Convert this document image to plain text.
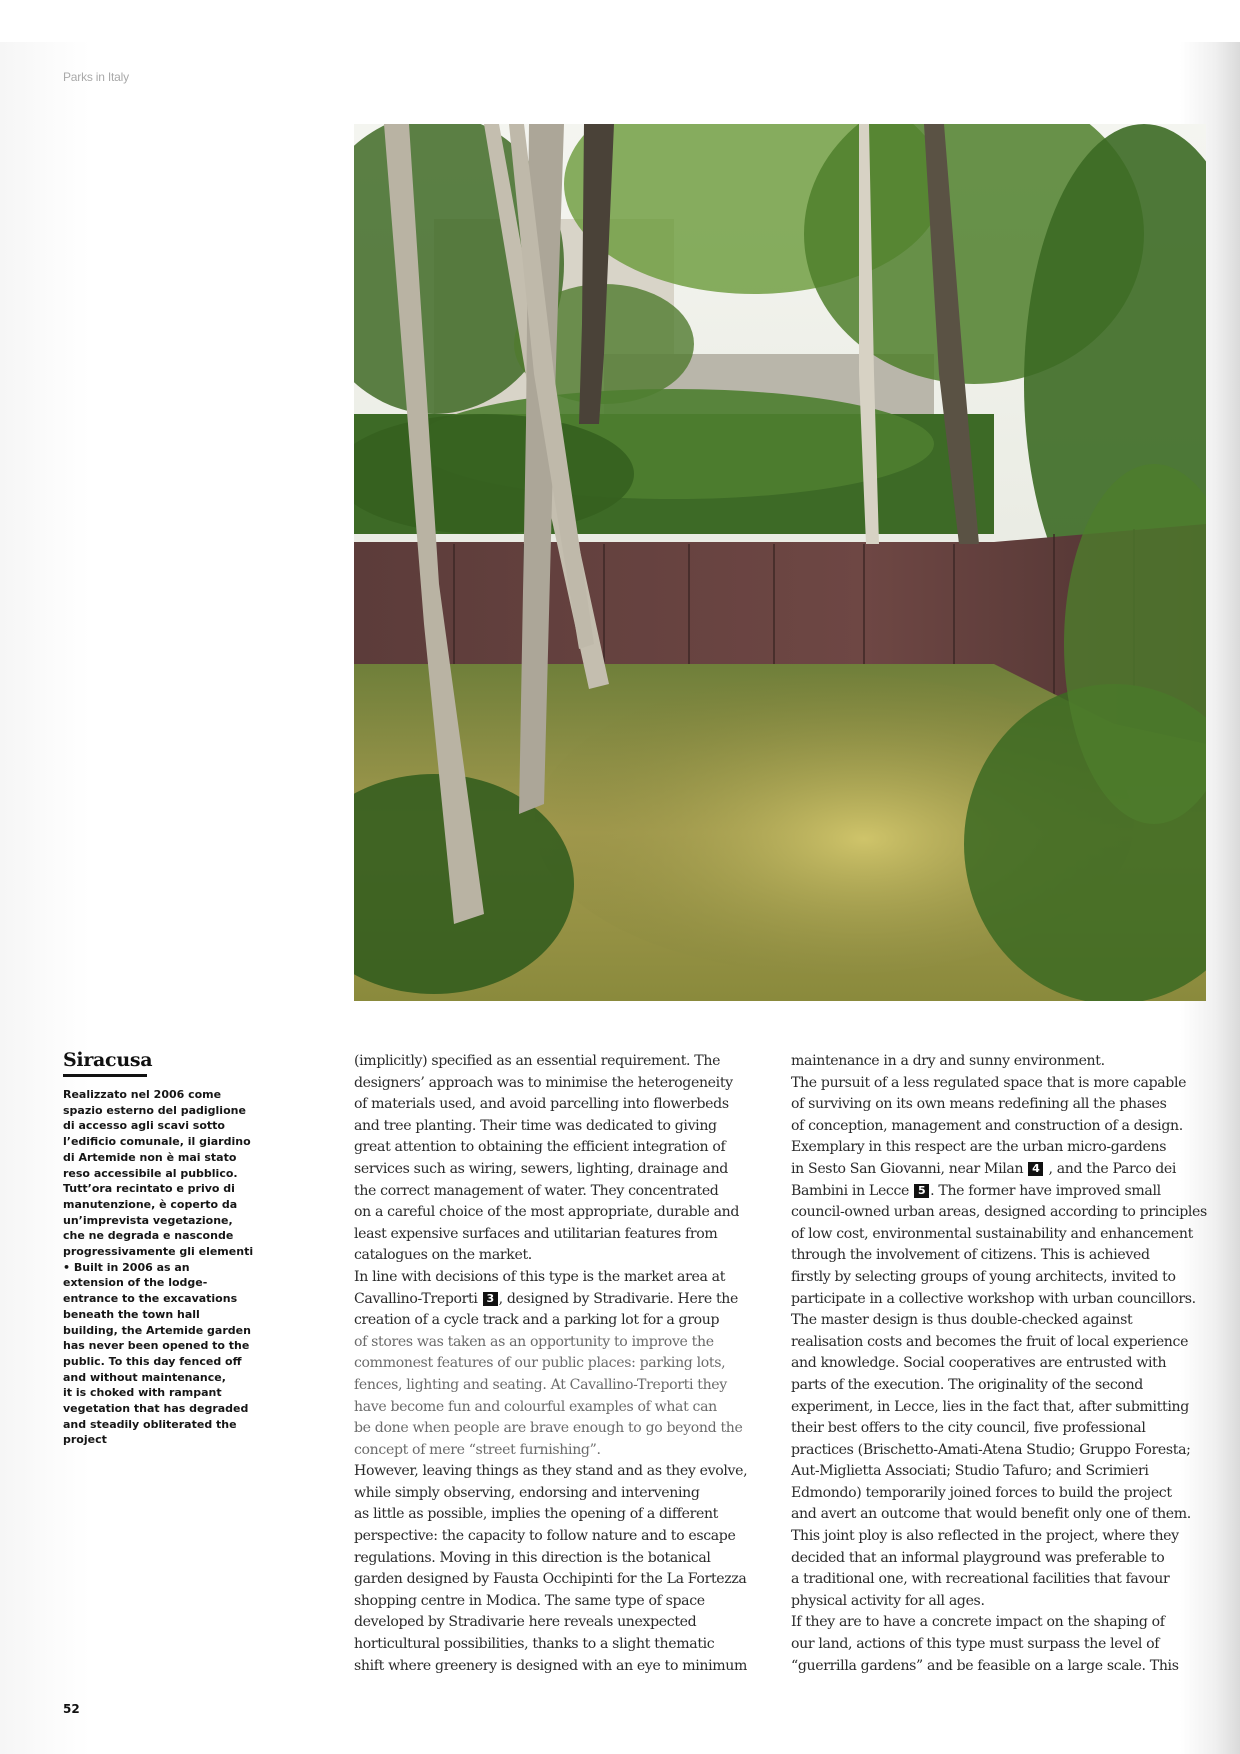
Parks in Italy
Siracusa
Realizzato nel 2006 come
spazio esterno del padiglione
di accesso agli scavi sotto
l’edificio comunale, il giardino
di Artemide non è mai stato
reso accessibile al pubblico.
Tutt’ora recintato e privo di
manutenzione, è coperto da
un’imprevista vegetazione,
che ne degrada e nasconde
progressivamente gli elementi
• Built in 2006 as an
extension of the lodge-
entrance to the excavations
beneath the town hall
building, the Artemide garden
has never been opened to the
public. To this day fenced off
and without maintenance,
it is choked with rampant
vegetation that has degraded
and steadily obliterated the
project
(implicitly) specified as an essential requirement. The
designers’ approach was to minimise the heterogeneity
of materials used, and avoid parcelling into flowerbeds
and tree planting. Their time was dedicated to giving
great attention to obtaining the efficient integration of
services such as wiring, sewers, lighting, drainage and
the correct management of water. They concentrated
on a careful choice of the most appropriate, durable and
least expensive surfaces and utilitarian features from
catalogues on the market.
In line with decisions of this type is the market area at
Cavallino-Treporti 3 , designed by Stradivarie. Here the
creation of a cycle track and a parking lot for a group
of stores was taken as an opportunity to improve the
commonest features of our public places: parking lots,
fences, lighting and seating. At Cavallino-Treporti they
have become fun and colourful examples of what can
be done when people are brave enough to go beyond the
concept of mere “street furnishing”.
However, leaving things as they stand and as they evolve,
while simply observing, endorsing and intervening
as little as possible, implies the opening of a different
perspective: the capacity to follow nature and to escape
regulations. Moving in this direction is the botanical
garden designed by Fausta Occhipinti for the La Fortezza
shopping centre in Modica. The same type of space
developed by Stradivarie here reveals unexpected
horticultural possibilities, thanks to a slight thematic
shift where greenery is designed with an eye to minimum
maintenance in a dry and sunny environment.
The pursuit of a less regulated space that is more capable
of surviving on its own means redefining all the phases
of conception, management and construction of a design.
Exemplary in this respect are the urban micro-gardens
in Sesto San Giovanni, near Milan 4 , and the Parco dei
Bambini in Lecce 5 . The former have improved small
council-owned urban areas, designed according to principles
of low cost, environmental sustainability and enhancement
through the involvement of citizens. This is achieved
firstly by selecting groups of young architects, invited to
participate in a collective workshop with urban councillors.
The master design is thus double-checked against
realisation costs and becomes the fruit of local experience
and knowledge. Social cooperatives are entrusted with
parts of the execution. The originality of the second
experiment, in Lecce, lies in the fact that, after submitting
their best offers to the city council, five professional
practices (Brischetto-Amati-Atena Studio; Gruppo Foresta;
Aut-Miglietta Associati; Studio Tafuro; and Scrimieri
Edmondo) temporarily joined forces to build the project
and avert an outcome that would benefit only one of them.
This joint ploy is also reflected in the project, where they
decided that an informal playground was preferable to
a traditional one, with recreational facilities that favour
physical activity for all ages.
If they are to have a concrete impact on the shaping of
our land, actions of this type must surpass the level of
“guerrilla gardens” and be feasible on a large scale. This
52
